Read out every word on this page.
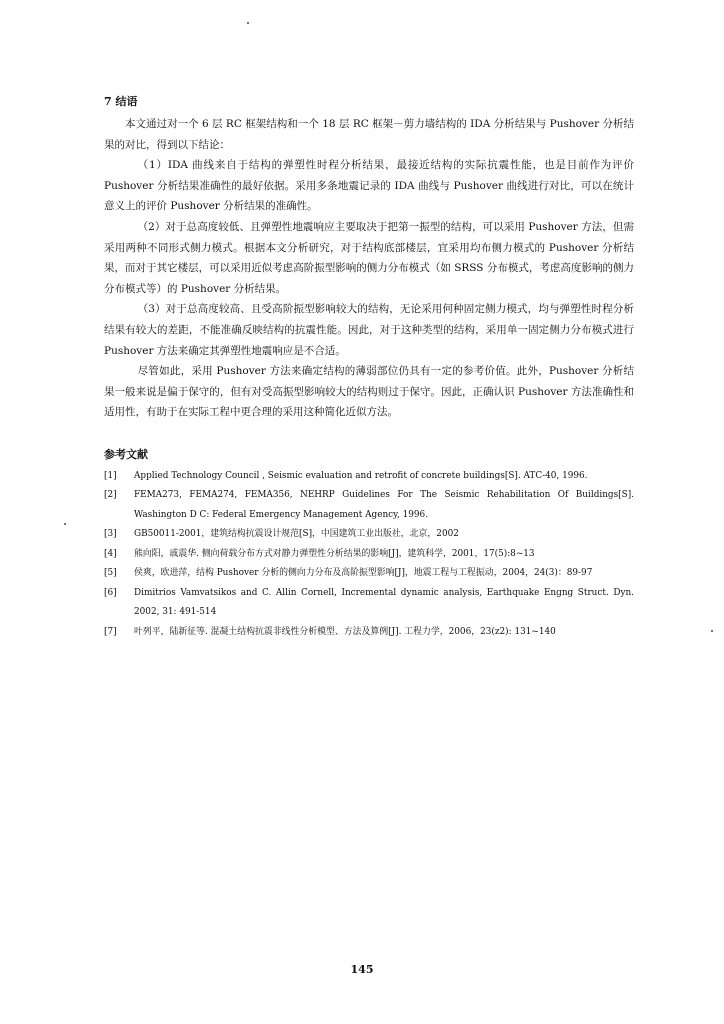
7 结语

本文通过对一个 6 层 RC 框架结构和一个 18 层 RC 框架－剪力墙结构的 IDA 分析结果与 Pushover 分析结果的对比，得到以下结论：

（1）IDA 曲线来自于结构的弹塑性时程分析结果，最接近结构的实际抗震性能，也是目前作为评价 Pushover 分析结果准确性的最好依据。采用多条地震记录的 IDA 曲线与 Pushover 曲线进行对比，可以在统计意义上的评价 Pushover 分析结果的准确性。

（2）对于总高度较低、且弹塑性地震响应主要取决于把第一振型的结构，可以采用 Pushover 方法，但需采用两种不同形式侧力模式。根据本文分析研究，对于结构底部楼层，宜采用均布侧力模式的 Pushover 分析结果，而对于其它楼层，可以采用近似考虑高阶振型影响的侧力分布模式（如 SRSS 分布模式，考虑高度影响的侧力分布模式等）的 Pushover 分析结果。

（3）对于总高度较高、且受高阶振型影响较大的结构，无论采用何种固定侧力模式，均与弹塑性时程分析结果有较大的差距，不能准确反映结构的抗震性能。因此，对于这种类型的结构，采用单一固定侧力分布模式进行 Pushover 方法来确定其弹塑性地震响应是不合适。

尽管如此，采用 Pushover 方法来确定结构的薄弱部位仍具有一定的参考价值。此外，Pushover 分析结果一般来说是偏于保守的，但有对受高振型影响较大的结构则过于保守。因此，正确认识 Pushover 方法准确性和适用性，有助于在实际工程中更合理的采用这种简化近似方法。

参考文献
[1] Applied Technology Council , Seismic evaluation and retrofit of concrete buildings[S]. ATC-40, 1996.
[2] FEMA273, FEMA274, FEMA356, NEHRP Guidelines For The Seismic Rehabilitation Of Buildings[S]. Washington D C: Federal Emergency Management Agency, 1996.
[3] GB50011-2001，建筑结构抗震设计规范[S]，中国建筑工业出版社，北京，2002
[4] 熊向阳，戚震华. 侧向荷载分布方式对静力弹塑性分析结果的影响[J]，建筑科学，2001，17(5):8~13
[5] 侯爽，欧进萍，结构 Pushover 分析的侧向力分布及高阶振型影响[J]，地震工程与工程振动，2004，24(3)：89-97
[6] Dimitrios Vamvatsikos and C. Allin Cornell, Incremental dynamic analysis, Earthquake Engng Struct. Dyn. 2002, 31: 491-514
[7] 叶列平，陆新征等. 混凝土结构抗震非线性分析模型、方法及算例[J]. 工程力学，2006，23(z2): 131~140
145
